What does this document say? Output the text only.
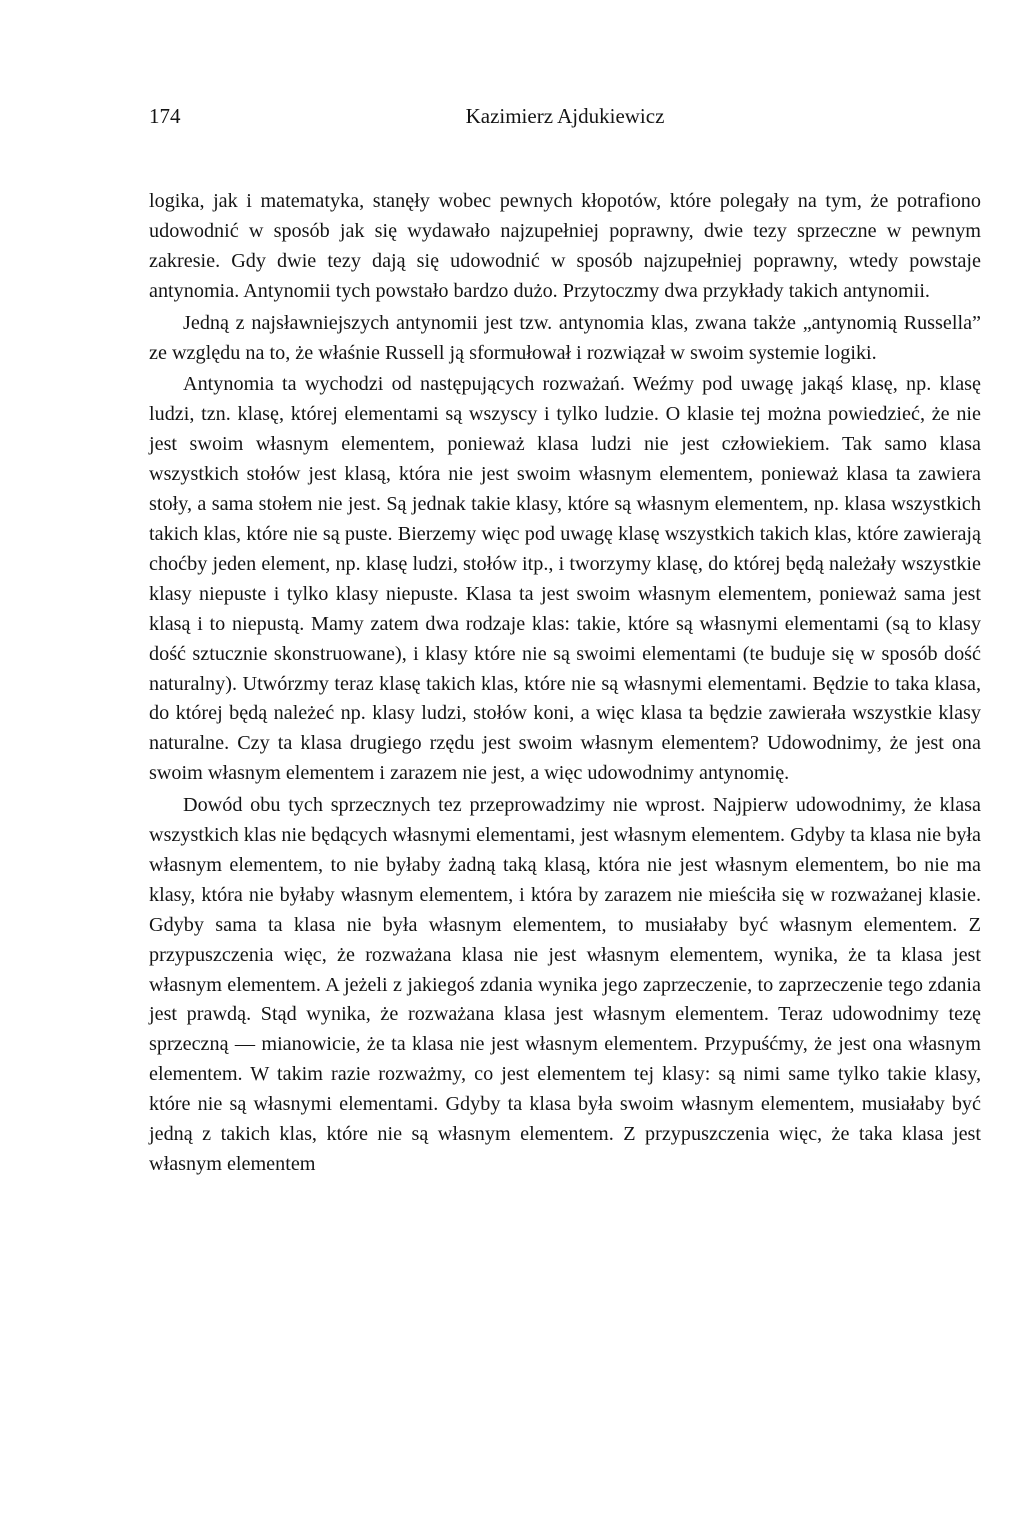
174	Kazimierz Ajdukiewicz

logika, jak i matematyka, stanęły wobec pewnych kłopotów, które polegały na tym, że potrafiono udowodnić w sposób jak się wydawało najzupełniej poprawny, dwie tezy sprzeczne w pewnym zakresie. Gdy dwie tezy dają się udowodnić w sposób najzupełniej poprawny, wtedy powstaje antynomia. Antynomii tych powstało bardzo dużo. Przytoczmy dwa przykłady takich antynomii.

Jedną z najsławniejszych antynomii jest tzw. antynomia klas, zwana także „antynomią Russella” ze względu na to, że właśnie Russell ją sformułował i rozwiązał w swoim systemie logiki.

Antynomia ta wychodzi od następujących rozważań. Weźmy pod uwagę jakąś klasę, np. klasę ludzi, tzn. klasę, której elementami są wszyscy i tylko ludzie. O klasie tej można powiedzieć, że nie jest swoim własnym elementem, ponieważ klasa ludzi nie jest człowiekiem. Tak samo klasa wszystkich stołów jest klasą, która nie jest swoim własnym elementem, ponieważ klasa ta zawiera stoły, a sama stołem nie jest. Są jednak takie klasy, które są własnym elementem, np. klasa wszystkich takich klas, które nie są puste. Bierzemy więc pod uwagę klasę wszystkich takich klas, które zawierają choćby jeden element, np. klasę ludzi, stołów itp., i tworzymy klasę, do której będą należały wszystkie klasy niepuste i tylko klasy niepuste. Klasa ta jest swoim własnym elementem, ponieważ sama jest klasą i to niepustą. Mamy zatem dwa rodzaje klas: takie, które są własnymi elementami (są to klasy dość sztucznie skonstruowane), i klasy które nie są swoimi elementami (te buduje się w sposób dość naturalny). Utwórzmy teraz klasę takich klas, które nie są własnymi elementami. Będzie to taka klasa, do której będą należeć np. klasy ludzi, stołów koni, a więc klasa ta będzie zawierała wszystkie klasy naturalne. Czy ta klasa drugiego rzędu jest swoim własnym elementem? Udowodnimy, że jest ona swoim własnym elementem i zarazem nie jest, a więc udowodnimy antynomię.

Dowód obu tych sprzecznych tez przeprowadzimy nie wprost. Najpierw udowodnimy, że klasa wszystkich klas nie będących własnymi elementami, jest własnym elementem. Gdyby ta klasa nie była własnym elementem, to nie byłaby żadną taką klasą, która nie jest własnym elementem, bo nie ma klasy, która nie byłaby własnym elementem, i która by zarazem nie mieściła się w rozważanej klasie. Gdyby sama ta klasa nie była własnym elementem, to musiałaby być własnym elementem. Z przypuszczenia więc, że rozważana klasa nie jest własnym elementem, wynika, że ta klasa jest własnym elementem. A jeżeli z jakiegoś zdania wynika jego zaprzeczenie, to zaprzeczenie tego zdania jest prawdą. Stąd wynika, że rozważana klasa jest własnym elementem. Teraz udowodnimy tezę sprzeczną — mianowicie, że ta klasa nie jest własnym elementem. Przypuśćmy, że jest ona własnym elementem. W takim razie rozważmy, co jest elementem tej klasy: są nimi same tylko takie klasy, które nie są własnymi elementami. Gdyby ta klasa była swoim własnym elementem, musiałaby być jedną z takich klas, które nie są własnym elementem. Z przypuszczenia więc, że taka klasa jest własnym elementem
